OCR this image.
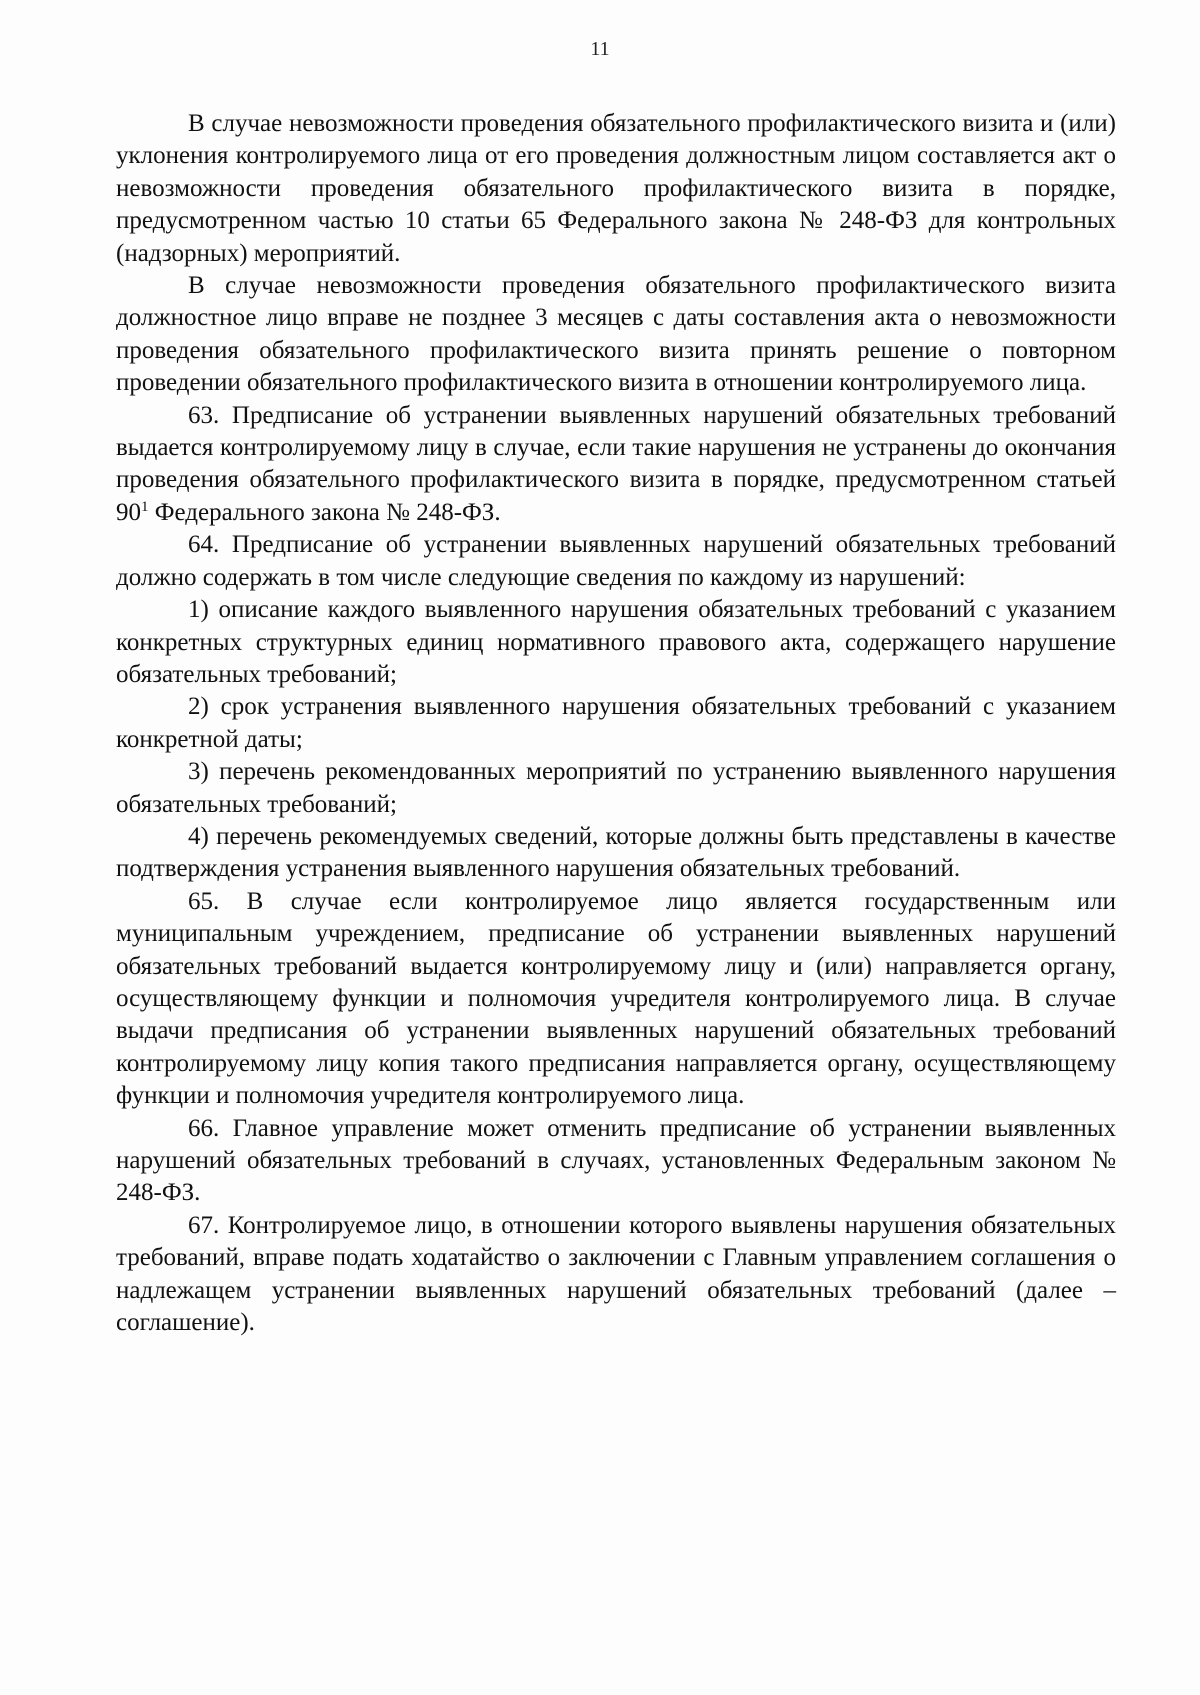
11

В случае невозможности проведения обязательного профилактического визита и (или) уклонения контролируемого лица от его проведения должностным лицом составляется акт о невозможности проведения обязательного профилактического визита в порядке, предусмотренном частью 10 статьи 65 Федерального закона № 248-ФЗ для контрольных (надзорных) мероприятий.

В случае невозможности проведения обязательного профилактического визита должностное лицо вправе не позднее 3 месяцев с даты составления акта о невозможности проведения обязательного профилактического визита принять решение о повторном проведении обязательного профилактического визита в отношении контролируемого лица.

63. Предписание об устранении выявленных нарушений обязательных требований выдается контролируемому лицу в случае, если такие нарушения не устранены до окончания проведения обязательного профилактического визита в порядке, предусмотренном статьей $90^1$ Федерального закона № 248-ФЗ.

64. Предписание об устранении выявленных нарушений обязательных требований должно содержать в том числе следующие сведения по каждому из нарушений:

1) описание каждого выявленного нарушения обязательных требований с указанием конкретных структурных единиц нормативного правового акта, содержащего нарушение обязательных требований;

2) срок устранения выявленного нарушения обязательных требований с указанием конкретной даты;

3) перечень рекомендованных мероприятий по устранению выявленного нарушения обязательных требований;

4) перечень рекомендуемых сведений, которые должны быть представлены в качестве подтверждения устранения выявленного нарушения обязательных требований.

65. В случае если контролируемое лицо является государственным или муниципальным учреждением, предписание об устранении выявленных нарушений обязательных требований выдается контролируемому лицу и (или) направляется органу, осуществляющему функции и полномочия учредителя контролируемого лица. В случае выдачи предписания об устранении выявленных нарушений обязательных требований контролируемому лицу копия такого предписания направляется органу, осуществляющему функции и полномочия учредителя контролируемого лица.

66. Главное управление может отменить предписание об устранении выявленных нарушений обязательных требований в случаях, установленных Федеральным законом № 248-ФЗ.

67. Контролируемое лицо, в отношении которого выявлены нарушения обязательных требований, вправе подать ходатайство о заключении с Главным управлением соглашения о надлежащем устранении выявленных нарушений обязательных требований (далее – соглашение).
